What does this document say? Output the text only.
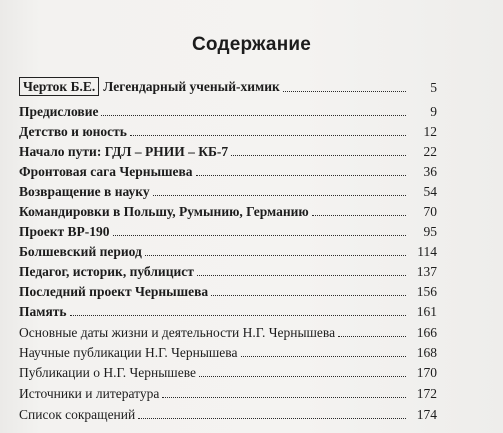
Содержание
Черток Б.Е. Легендарный ученый-химик	5
Предисловие	9
Детство и юность	12
Начало пути: ГДЛ – РНИИ – КБ-7	22
Фронтовая сага Чернышева	36
Возвращение в науку	54
Командировки в Польшу, Румынию, Германию	70
Проект ВР-190	95
Болшевский период	114
Педагог, историк, публицист	137
Последний проект Чернышева	156
Память	161
Основные даты жизни и деятельности Н.Г. Чернышева	166
Научные публикации Н.Г. Чернышева	168
Публикации о Н.Г. Чернышеве	170
Источники и литература	172
Список сокращений	174
